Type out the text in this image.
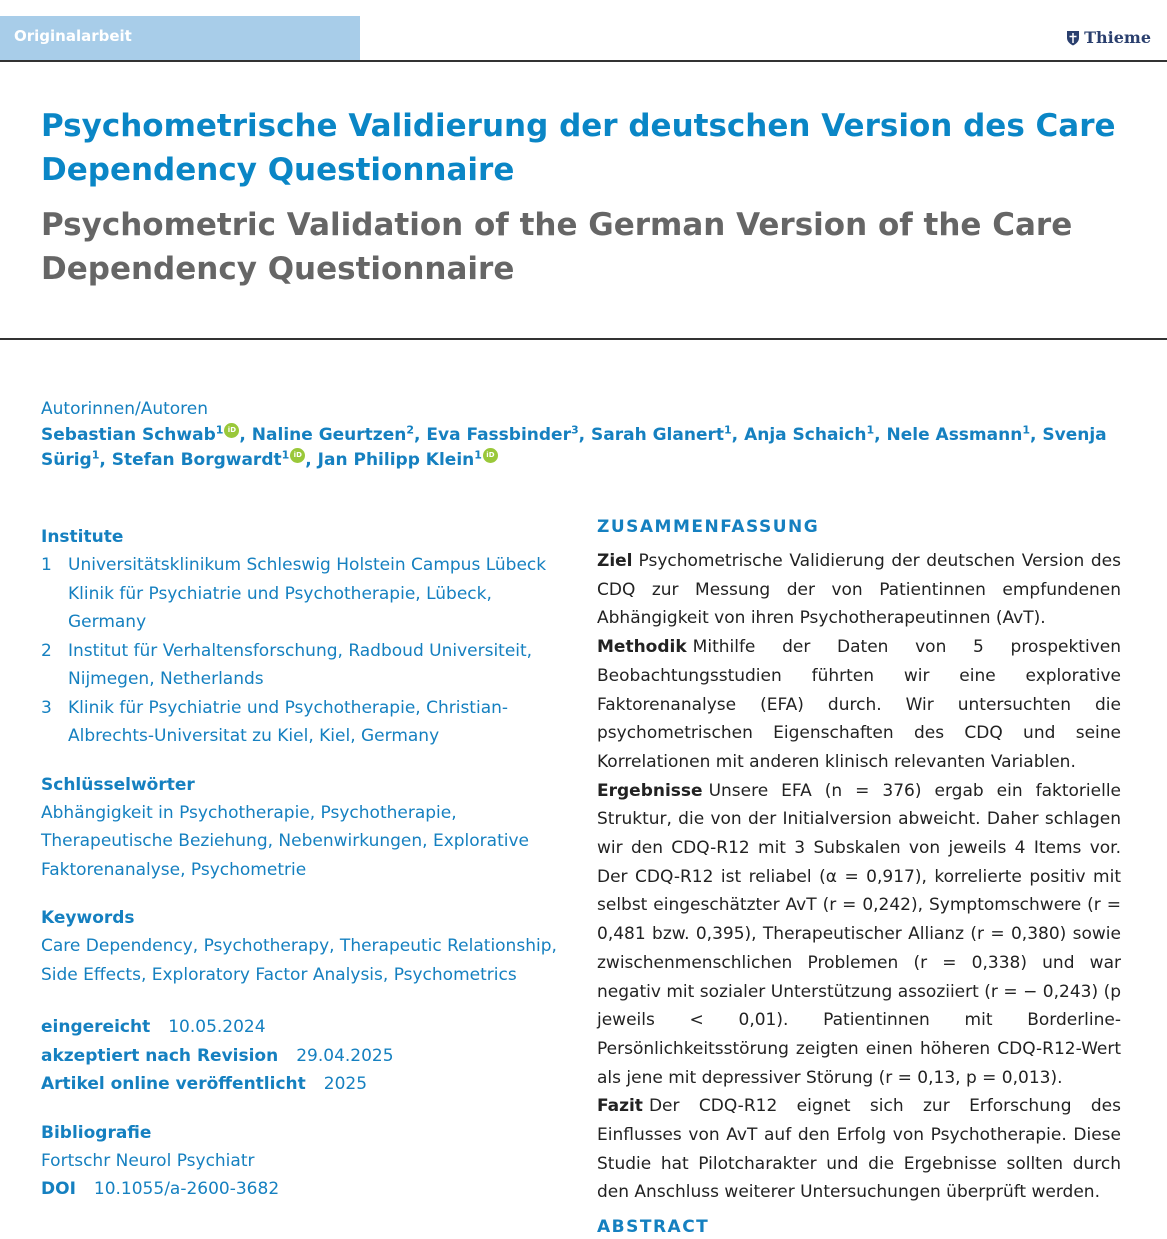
Originalarbeit	Thieme
Psychometrische Validierung der deutschen Version des Care Dependency Questionnaire
Psychometric Validation of the German Version of the Care Dependency Questionnaire
Autorinnen/Autoren
Sebastian Schwab$^1$ iD , Naline Geurtzen$^2$, Eva Fassbinder$^3$, Sarah Glanert$^1$, Anja Schaich$^1$, Nele Assmann$^1$, Svenja Sürig$^1$, Stefan Borgwardt$^1$ iD , Jan Philipp Klein$^1$ iD
Institute
1 Universitätsklinikum Schleswig Holstein Campus Lübeck Klinik für Psychiatrie und Psychotherapie, Lübeck, Germany
2 Institut für Verhaltensforschung, Radboud Universiteit, Nijmegen, Netherlands
3 Klinik für Psychiatrie und Psychotherapie, Christian-Albrechts-Universitat zu Kiel, Kiel, Germany
Schlüsselwörter
Abhängigkeit in Psychotherapie, Psychotherapie, Therapeutische Beziehung, Nebenwirkungen, Explorative Faktorenanalyse, Psychometrie
Keywords
Care Dependency, Psychotherapy, Therapeutic Relationship, Side Effects, Exploratory Factor Analysis, Psychometrics
eingereicht 10.05.2024
akzeptiert nach Revision 29.04.2025
Artikel online veröffentlicht 2025
Bibliografie
Fortschr Neurol Psychiatr
DOI 10.1055/a-2600-3682
ZUSAMMENFASSUNG

Ziel Psychometrische Validierung der deutschen Version des CDQ zur Messung der von Patientinnen empfundenen Abhängigkeit von ihren Psychotherapeutinnen (AvT).

Methodik Mithilfe der Daten von 5 prospektiven Beobachtungsstudien führten wir eine explorative Faktorenanalyse (EFA) durch. Wir untersuchten die psychometrischen Eigenschaften des CDQ und seine Korrelationen mit anderen klinisch relevanten Variablen.

Ergebnisse Unsere EFA (n = 376) ergab ein faktorielle Struktur, die von der Initialversion abweicht. Daher schlagen wir den CDQ-R12 mit 3 Subskalen von jeweils 4 Items vor. Der CDQ-R12 ist reliabel (α = 0,917), korrelierte positiv mit selbst eingeschätzter AvT (r = 0,242), Symptomschwere (r = 0,481 bzw. 0,395), Therapeutischer Allianz (r = 0,380) sowie zwischenmenschlichen Problemen (r = 0,338) und war negativ mit sozialer Unterstützung assoziiert (r = − 0,243) (p jeweils < 0,01). Patientinnen mit Borderline-Persönlichkeitsstörung zeigten einen höheren CDQ-R12-Wert als jene mit depressiver Störung (r = 0,13, p = 0,013).

Fazit Der CDQ-R12 eignet sich zur Erforschung des Einflusses von AvT auf den Erfolg von Psychotherapie. Diese Studie hat Pilotcharakter und die Ergebnisse sollten durch den Anschluss weiterer Untersuchungen überprüft werden.

ABSTRACT
